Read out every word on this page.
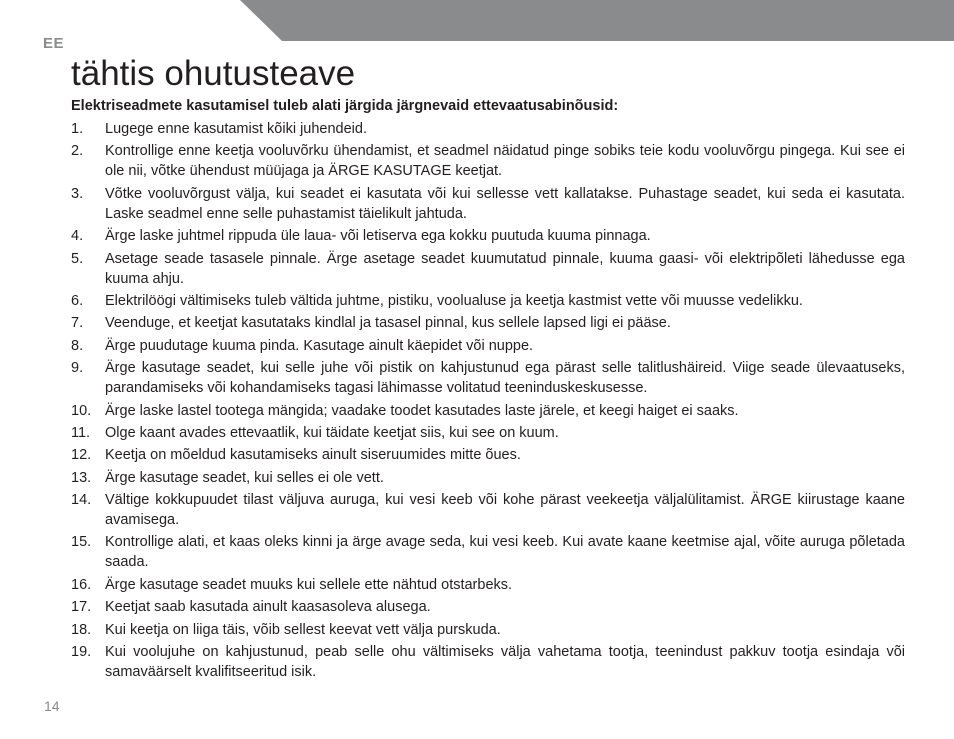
EE
tähtis ohutusteave
Elektriseadmete kasutamisel tuleb alati järgida järgnevaid ettevaatusabinõusid:
1.	Lugege enne kasutamist kõiki juhendeid.
2.	Kontrollige enne keetja vooluvõrku ühendamist, et seadmel näidatud pinge sobiks teie kodu vooluvõrgu pingega. Kui see ei ole nii, võtke ühendust müüjaga ja ÄRGE KASUTAGE keetjat.
3.	Võtke vooluvõrgust välja, kui seadet ei kasutata või kui sellesse vett kallatakse. Puhastage seadet, kui seda ei kasutata. Laske seadmel enne selle puhastamist täielikult jahtuda.
4.	Ärge laske juhtmel rippuda üle laua- või letiserva ega kokku puutuda kuuma pinnaga.
5.	Asetage seade tasasele pinnale. Ärge asetage seadet kuumutatud pinnale, kuuma gaasi- või elektripõleti lähedusse ega kuuma ahju.
6.	Elektrilöögi vältimiseks tuleb vältida juhtme, pistiku, voolualuse ja keetja kastmist vette või muusse vedelikku.
7.	Veenduge, et keetjat kasutataks kindlal ja tasasel pinnal, kus sellele lapsed ligi ei pääse.
8.	Ärge puudutage kuuma pinda. Kasutage ainult käepidet või nuppe.
9.	Ärge kasutage seadet, kui selle juhe või pistik on kahjustunud ega pärast selle talitlushäireid. Viige seade ülevaatuseks, parandamiseks või kohandamiseks tagasi lähimasse volitatud teeninduskeskusesse.
10. Ärge laske lastel tootega mängida; vaadake toodet kasutades laste järele, et keegi haiget ei saaks.
11.	Olge kaant avades ettevaatlik, kui täidate keetjat siis, kui see on kuum.
12. Keetja on mõeldud kasutamiseks ainult siseruumides mitte õues.
13. Ärge kasutage seadet, kui selles ei ole vett.
14. Vältige kokkupuudet tilast väljuva auruga, kui vesi keeb või kohe pärast veekeetja väljalülitamist. ÄRGE kiirustage kaane avamisega.
15. Kontrollige alati, et kaas oleks kinni ja ärge avage seda, kui vesi keeb. Kui avate kaane keetmise ajal, võite auruga põletada saada.
16. Ärge kasutage seadet muuks kui sellele ette nähtud otstarbeks.
17. Keetjat saab kasutada ainult kaasasoleva alusega.
18. Kui keetja on liiga täis, võib sellest keevat vett välja purskuda.
19. Kui voolujuhe on kahjustunud, peab selle ohu vältimiseks välja vahetama tootja, teenindust pakkuv tootja esindaja või samaväärselt kvalifitseeritud isik.
14
